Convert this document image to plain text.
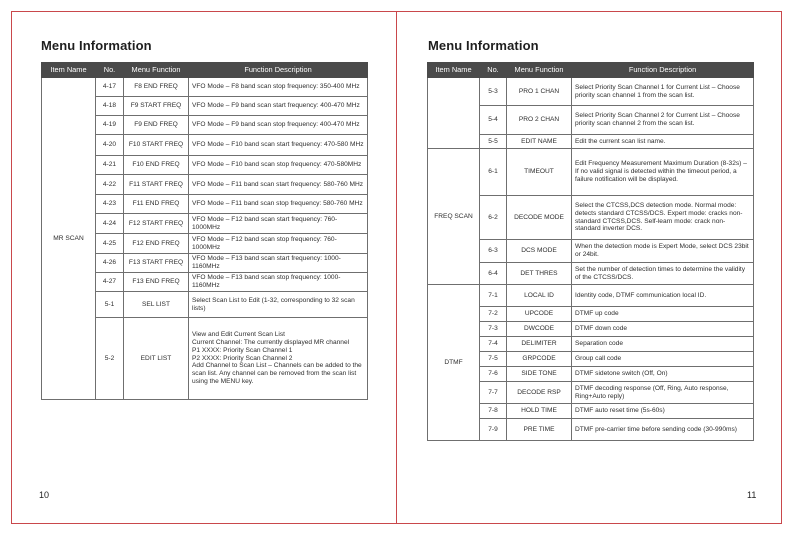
Menu Information	Menu Information
Item Name	No.	Menu Function	Function Description
MR SCAN	4-17	F8 END FREQ	VFO Mode – F8 band scan stop frequency: 350-400 MHz
	4-18	F9 START FREQ	VFO Mode – F9 band scan start frequency: 400-470 MHz
	4-19	F9 END FREQ	VFO Mode – F9 band scan stop frequency: 400-470 MHz
	4-20	F10 START FREQ	VFO Mode – F10 band scan start frequency: 470-580 MHz
	4-21	F10 END FREQ	VFO Mode – F10 band scan stop frequency: 470-580MHz
	4-22	F11 START FREQ	VFO Mode – F11 band scan start frequency: 580-760 MHz
	4-23	F11 END FREQ	VFO Mode – F11 band scan stop frequency: 580-760 MHz
	4-24	F12 START FREQ	VFO Mode – F12 band scan start frequency: 760-1000MHz
	4-25	F12 END FREQ	VFO Mode – F12 band scan stop frequency: 760-1000MHz
	4-26	F13 START FREQ	VFO Mode – F13 band scan start frequency: 1000-1160MHz
	4-27	F13 END FREQ	VFO Mode – F13 band scan stop frequency: 1000-1160MHz
	5-1	SEL LIST	Select Scan List to Edit (1-32, corresponding to 32 scan lists)
	5-2	EDIT LIST	View and Edit Current Scan List
Current Channel: The currently displayed MR channel
P1 XXXX: Priority Scan Channel 1
P2 XXXX: Priority Scan Channel 2
Add Channel to Scan List – Channels can be added to the scan list. Any channel can be removed from the scan list using the MENU key.
Item Name	No.	Menu Function	Function Description
	5-3	PRO 1 CHAN	Select Priority Scan Channel 1 for Current List – Choose priority scan channel 1 from the scan list.
	5-4	PRO 2 CHAN	Select Priority Scan Channel 2 for Current List – Choose priority scan channel 2 from the scan list.
	5-5	EDIT NAME	Edit the current scan list name.
FREQ SCAN	6-1	TIMEOUT	Edit Frequency Measurement Maximum Duration (8-32s) – If no valid signal is detected within the timeout period, a failure notification will be displayed.
	6-2	DECODE MODE	Select the CTCSS,DCS detection mode. Normal mode: detects standard CTCSS/DCS. Expert mode: cracks non-standard CTCSS,DCS. Self-learn mode: crack non-standard inverter DCS.
	6-3	DCS MODE	When the detection mode is Expert Mode, select DCS 23bit or 24bit.
	6-4	DET THRES	Set the number of detection times to determine the validity of the CTCSS/DCS.
DTMF	7-1	LOCAL ID	Identity code, DTMF communication local ID.
	7-2	UPCODE	DTMF up code
	7-3	DWCODE	DTMF down code
	7-4	DELIMITER	Separation code
	7-5	GRPCODE	Group call code
	7-6	SIDE TONE	DTMF sidetone switch (Off, On)
	7-7	DECODE RSP	DTMF decoding response (Off, Ring, Auto response, Ring+Auto reply)
	7-8	HOLD TIME	DTMF auto reset time (5s-60s)
	7-9	PRE TIME	DTMF pre-carrier time before sending code (30-990ms)
10	11
